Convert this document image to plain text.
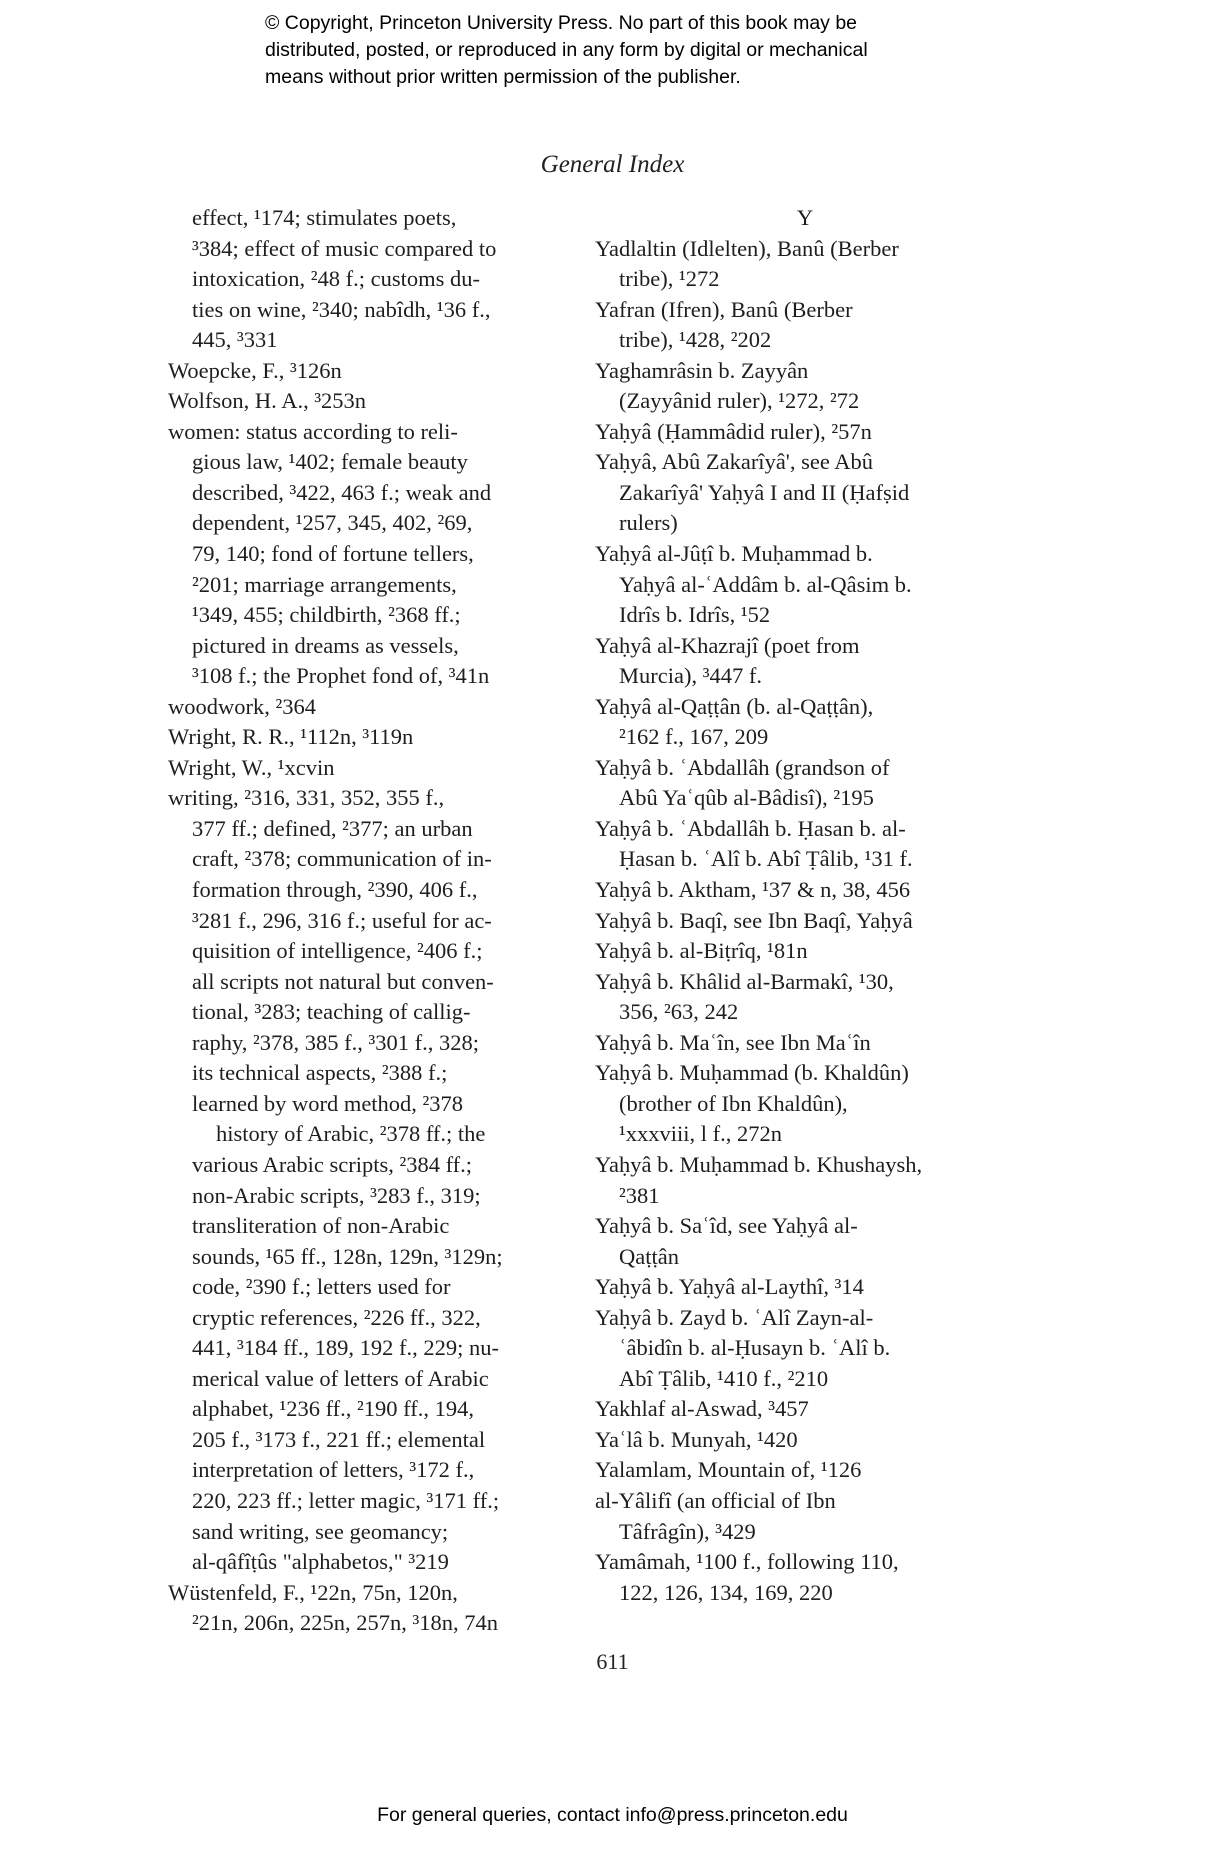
© Copyright, Princeton University Press. No part of this book may be
distributed, posted, or reproduced in any form by digital or mechanical
means without prior written permission of the publisher.
General Index
effect, ¹174; stimulates poets,
³384; effect of music compared to
intoxication, ²48 f.; customs du-
ties on wine, ²340; nabîdh, ¹36 f.,
445, ³331
Woepcke, F., ³126n
Wolfson, H. A., ³253n
women: status according to reli-
gious law, ¹402; female beauty
described, ³422, 463 f.; weak and
dependent, ¹257, 345, 402, ²69,
79, 140; fond of fortune tellers,
²201; marriage arrangements,
¹349, 455; childbirth, ²368 ff.;
pictured in dreams as vessels,
³108 f.; the Prophet fond of, ³41n
woodwork, ²364
Wright, R. R., ¹112n, ³119n
Wright, W., ¹xcvin
writing, ²316, 331, 352, 355 f.,
377 ff.; defined, ²377; an urban
craft, ²378; communication of in-
formation through, ²390, 406 f.,
³281 f., 296, 316 f.; useful for ac-
quisition of intelligence, ²406 f.;
all scripts not natural but conven-
tional, ³283; teaching of callig-
raphy, ²378, 385 f., ³301 f., 328;
its technical aspects, ²388 f.;
learned by word method, ²378
history of Arabic, ²378 ff.; the
various Arabic scripts, ²384 ff.;
non-Arabic scripts, ³283 f., 319;
transliteration of non-Arabic
sounds, ¹65 ff., 128n, 129n, ³129n;
code, ²390 f.; letters used for
cryptic references, ²226 ff., 322,
441, ³184 ff., 189, 192 f., 229; nu-
merical value of letters of Arabic
alphabet, ¹236 ff., ²190 ff., 194,
205 f., ³173 f., 221 ff.; elemental
interpretation of letters, ³172 f.,
220, 223 ff.; letter magic, ³171 ff.;
sand writing, see geomancy;
al-qâfîṭûs "alphabetos," ³219
Wüstenfeld, F., ¹22n, 75n, 120n,
²21n, 206n, 225n, 257n, ³18n, 74n
Y
Yadlaltin (Idlelten), Banû (Berber
tribe), ¹272
Yafran (Ifren), Banû (Berber
tribe), ¹428, ²202
Yaghamrâsin b. Zayyân
(Zayyânid ruler), ¹272, ²72
Yaḥyâ (Ḥammâdid ruler), ²57n
Yaḥyâ, Abû Zakarîyâ', see Abû
Zakarîyâ' Yaḥyâ I and II (Ḥafṣid
rulers)
Yaḥyâ al-Jûṭî b. Muḥammad b.
Yaḥyâ al-ʿAddâm b. al-Qâsim b.
Idrîs b. Idrîs, ¹52
Yaḥyâ al-Khazrajî (poet from
Murcia), ³447 f.
Yaḥyâ al-Qaṭṭân (b. al-Qaṭṭân),
²162 f., 167, 209
Yaḥyâ b. ʿAbdallâh (grandson of
Abû Yaʿqûb al-Bâdisî), ²195
Yaḥyâ b. ʿAbdallâh b. Ḥasan b. al-
Ḥasan b. ʿAlî b. Abî Ṭâlib, ¹31 f.
Yaḥyâ b. Aktham, ¹37 & n, 38, 456
Yaḥyâ b. Baqî, see Ibn Baqî, Yaḥyâ
Yaḥyâ b. al-Biṭrîq, ¹81n
Yaḥyâ b. Khâlid al-Barmakî, ¹30,
356, ²63, 242
Yaḥyâ b. Maʿîn, see Ibn Maʿîn
Yaḥyâ b. Muḥammad (b. Khaldûn)
(brother of Ibn Khaldûn),
¹xxxviii, l f., 272n
Yaḥyâ b. Muḥammad b. Khushaysh,
²381
Yaḥyâ b. Saʿîd, see Yaḥyâ al-
Qaṭṭân
Yaḥyâ b. Yaḥyâ al-Laythî, ³14
Yaḥyâ b. Zayd b. ʿAlî Zayn-al-
ʿâbidîn b. al-Ḥusayn b. ʿAlî b.
Abî Ṭâlib, ¹410 f., ²210
Yakhlaf al-Aswad, ³457
Yaʿlâ b. Munyah, ¹420
Yalamlam, Mountain of, ¹126
al-Yâlifî (an official of Ibn
Tâfrâgîn), ³429
Yamâmah, ¹100 f., following 110,
122, 126, 134, 169, 220
611
For general queries, contact info@press.princeton.edu
